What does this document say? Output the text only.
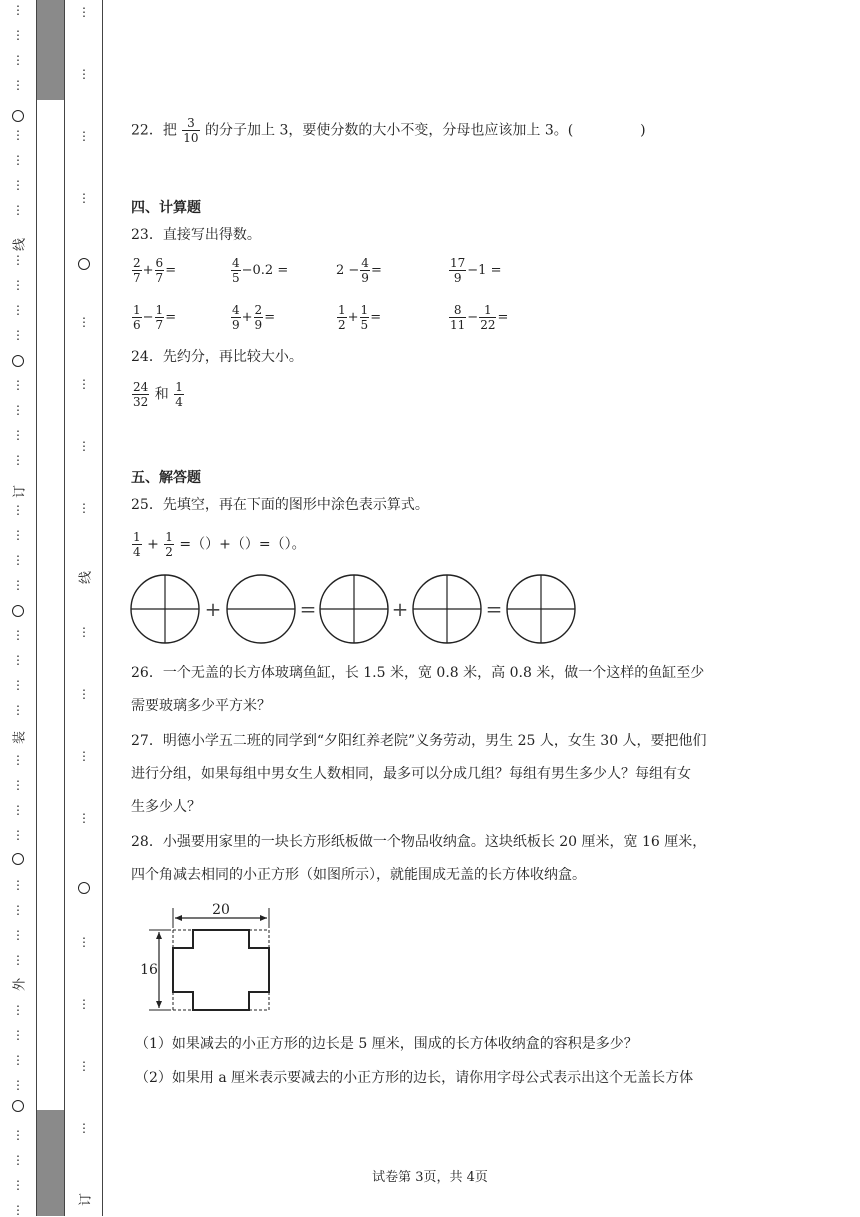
⋮
⋮
⋮
⋮
⋮
⋮
⋮
⋮
⋮
⋮
⋮
⋮
⋮
⋮
⋮
⋮
⋮
⋮
⋮
⋮
⋮
⋮
⋮
⋮
⋮
⋮
⋮
⋮
⋮
⋮
⋮
⋮
⋮
⋮
⋮
⋮
⋮
⋮
⋮
⋮
线
订
装
外
⋮
⋮
⋮
⋮
⋮
⋮
⋮
⋮
⋮
⋮
⋮
⋮
⋮
⋮
⋮
⋮
线
订
22．把 $\frac{3}{10}$ 的分子加上 3，要使分数的大小不变，分母也应该加上 3。(	)
四、计算题
23．直接写出得数。
$\frac{2}{7} + \frac{6}{7}$ =	$\frac{4}{5} -0.2$ =	$2 - \frac{4}{9}$ =	$\frac{17}{9} -1$ =
$\frac{1}{6} - \frac{1}{7}$ =	$\frac{4}{9} + \frac{2}{9}$ =	$\frac{1}{2} + \frac{1}{5}$ =	$\frac{8}{11} - \frac{1}{22}$ =
24．先约分，再比较大小。
$\frac{24}{32}$ 和 $\frac{1}{4}$
五、解答题
25．先填空，再在下面的图形中涂色表示算式。
$\frac{1}{4} + \frac{1}{2}$ =（）+（）=（）。
+	=	+	=
26．一个无盖的长方体玻璃鱼缸，长 1.5 米，宽 0.8 米，高 0.8 米，做一个这样的鱼缸至少
需要玻璃多少平方米？
27．明德小学五二班的同学到“夕阳红养老院”义务劳动，男生 25 人，女生 30 人，要把他们
进行分组，如果每组中男女生人数相同，最多可以分成几组？每组有男生多少人？每组有女
生多少人？
28．小强要用家里的一块长方形纸板做一个物品收纳盒。这块纸板长 20 厘米，宽 16 厘米，
四个角减去相同的小正方形（如图所示），就能围成无盖的长方体收纳盒。
20
16
（1）如果减去的小正方形的边长是 5 厘米，围成的长方体收纳盒的容积是多少？
（2）如果用 a 厘米表示要减去的小正方形的边长，请你用字母公式表示出这个无盖长方体
试卷第 3页，共 4页
